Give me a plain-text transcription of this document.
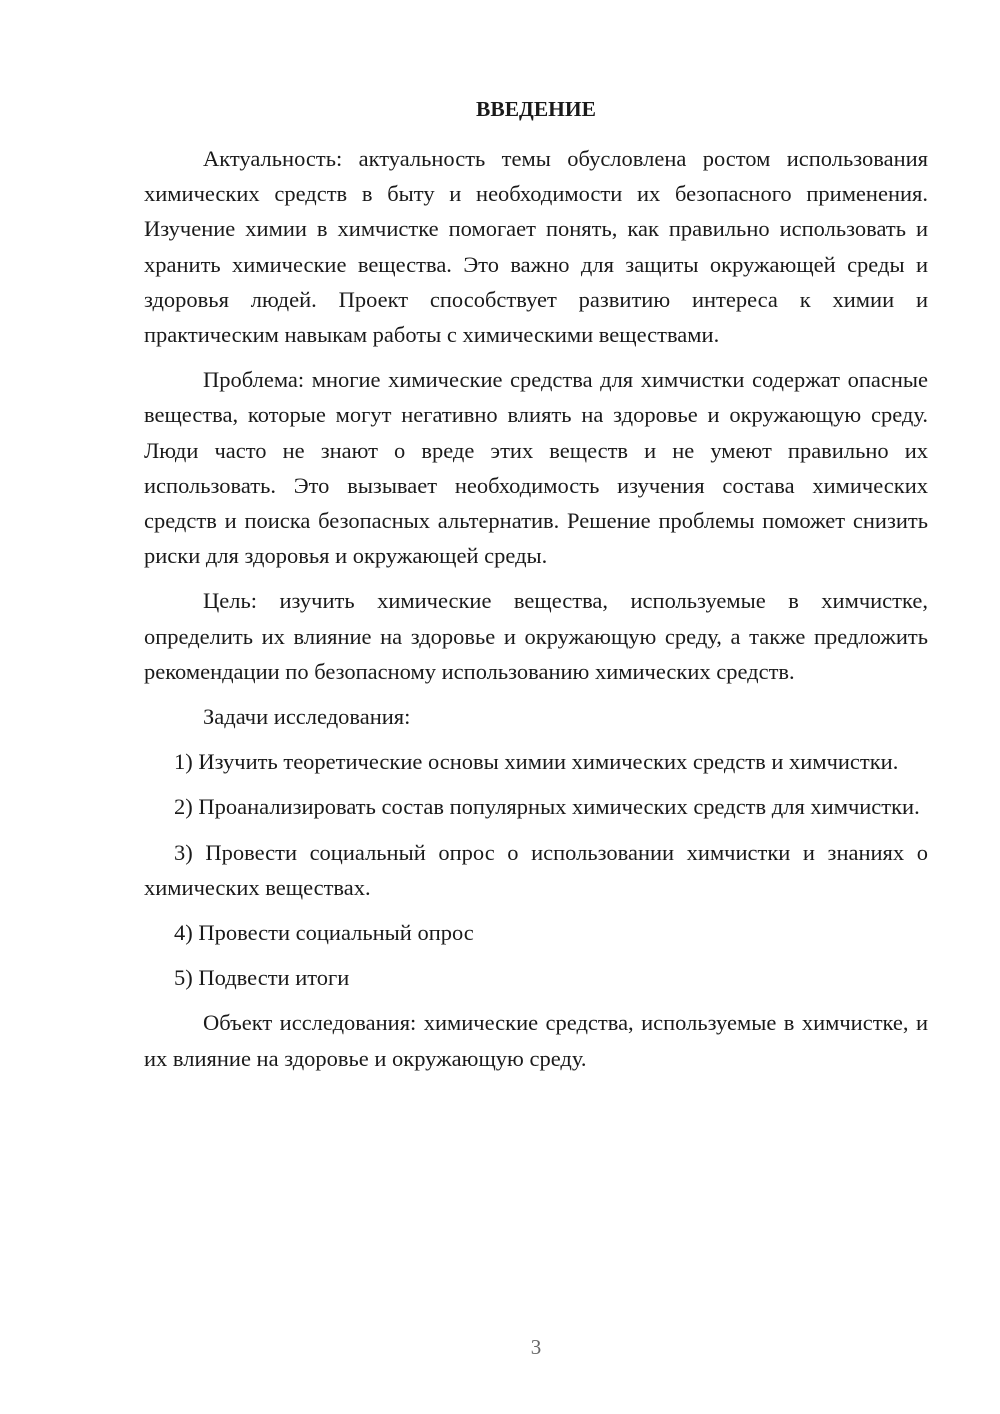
ВВЕДЕНИЕ

Актуальность: актуальность темы обусловлена ростом использования химических средств в быту и необходимости их безопасного применения. Изучение химии в химчистке помогает понять, как правильно использовать и хранить химические вещества. Это важно для защиты окружающей среды и здоровья людей. Проект способствует развитию интереса к химии и практическим навыкам работы с химическими веществами.

Проблема: многие химические средства для химчистки содержат опасные вещества, которые могут негативно влиять на здоровье и окружающую среду. Люди часто не знают о вреде этих веществ и не умеют правильно их использовать. Это вызывает необходимость изучения состава химических средств и поиска безопасных альтернатив. Решение проблемы поможет снизить риски для здоровья и окружающей среды.

Цель: изучить химические вещества, используемые в химчистке, определить их влияние на здоровье и окружающую среду, а также предложить рекомендации по безопасному использованию химических средств.

Задачи исследования:

1) Изучить теоретические основы химии химических средств и химчистки.

2) Проанализировать состав популярных химических средств для химчистки.

3) Провести социальный опрос о использовании химчистки и знаниях о химических веществах.

4) Провести социальный опрос

5) Подвести итоги

Объект исследования: химические средства, используемые в химчистке, и их влияние на здоровье и окружающую среду.

3
